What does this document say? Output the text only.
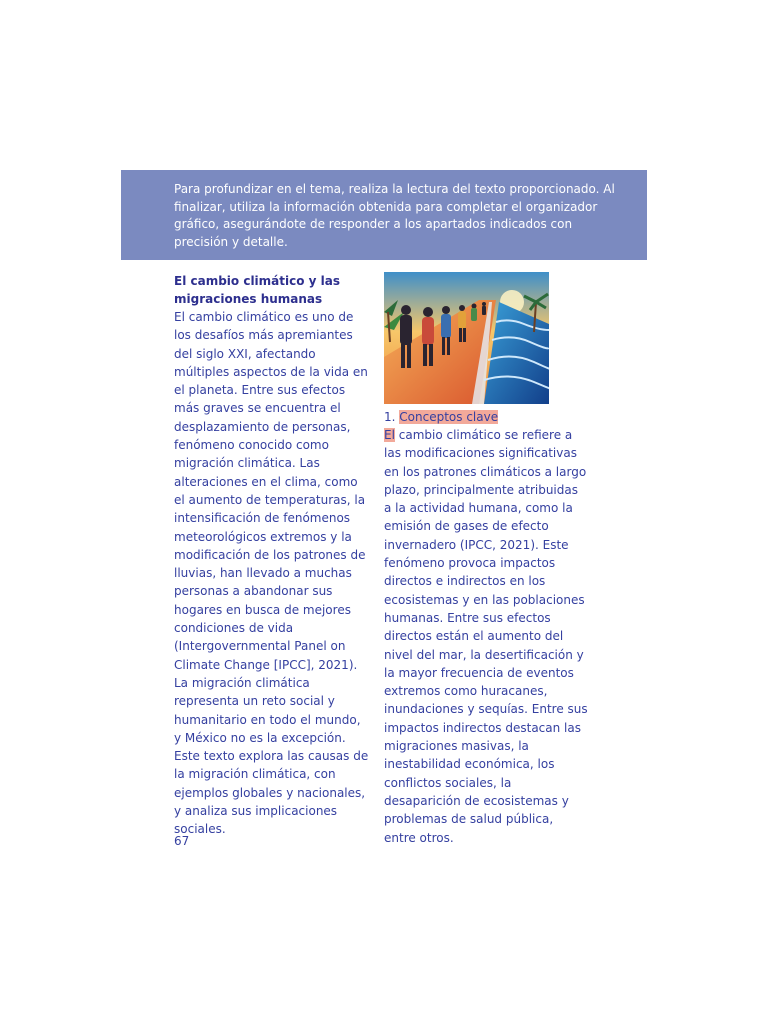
Para profundizar en el tema, realiza la lectura del texto proporcionado. Al finalizar, utiliza la información obtenida para completar el organizador gráfico, asegurándote de responder a los apartados indicados con precisión y detalle.

El cambio climático y las migraciones humanas

El cambio climático es uno de los desafíos más apremiantes del siglo XXI, afectando múltiples aspectos de la vida en el planeta. Entre sus efectos más graves se encuentra el desplazamiento de personas, fenómeno conocido como migración climática. Las alteraciones en el clima, como el aumento de temperaturas, la intensificación de fenómenos meteorológicos extremos y la modificación de los patrones de lluvias, han llevado a muchas personas a abandonar sus hogares en busca de mejores condiciones de vida (Intergovernmental Panel on Climate Change [IPCC], 2021). La migración climática representa un reto social y humanitario en todo el mundo, y México no es la excepción. Este texto explora las causas de la migración climática, con ejemplos globales y nacionales, y analiza sus implicaciones sociales.

1. Conceptos clave

El cambio climático se refiere a las modificaciones significativas en los patrones climáticos a largo plazo, principalmente atribuidas a la actividad humana, como la emisión de gases de efecto invernadero (IPCC, 2021). Este fenómeno provoca impactos directos e indirectos en los ecosistemas y en las poblaciones humanas. Entre sus efectos directos están el aumento del nivel del mar, la desertificación y la mayor frecuencia de eventos extremos como huracanes, inundaciones y sequías. Entre sus impactos indirectos destacan las migraciones masivas, la inestabilidad económica, los conflictos sociales, la desaparición de ecosistemas y problemas de salud pública, entre otros.

67
